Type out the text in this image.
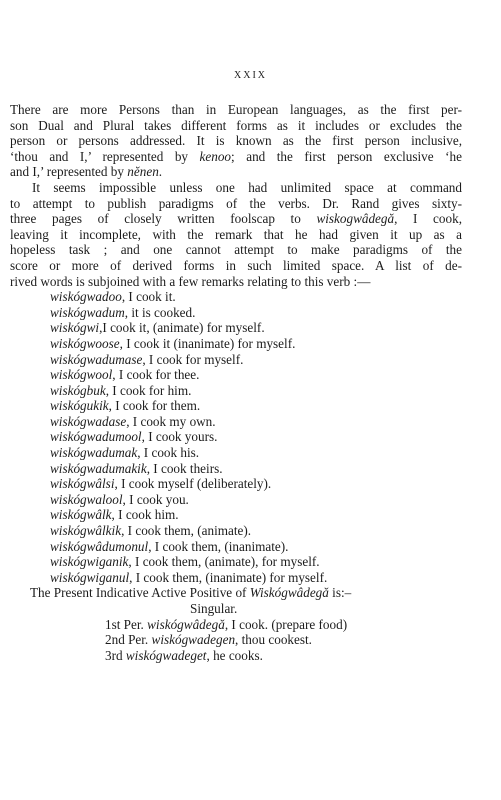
XXIX

There are more Persons than in European languages, as the first per-
son Dual and Plural takes different forms as it includes or excludes the
person or persons addressed. It is known as the first person inclusive,
‘thou and I,’ represented by kenoo; and the first person exclusive ‘he
and I,’ represented by nĕnen.

It seems impossible unless one had unlimited space at command
to attempt to publish paradigms of the verbs. Dr. Rand gives sixty-
three pages of closely written foolscap to wiskogwâdegă, I cook,
leaving it incomplete, with the remark that he had given it up as a
hopeless task ; and one cannot attempt to make paradigms of the
score or more of derived forms in such limited space. A list of de-
rived words is subjoined with a few remarks relating to this verb :—

wiskógwadoo, I cook it.
wiskógwadum, it is cooked.
wiskógwi,I cook it, (animate) for myself.
wiskógwoose, I cook it (inanimate) for myself.
wiskógwadumase, I cook for myself.
wiskógwool, I cook for thee.
wiskógbuk, I cook for him.
wiskógukik, I cook for them.
wiskógwadase, I cook my own.
wiskógwadumool, I cook yours.
wiskógwadumak, I cook his.
wiskógwadumakik, I cook theirs.
wiskógwâlsi, I cook myself (deliberately).
wiskógwalool, I cook you.
wiskógwâlk, I cook him.
wiskógwâlkik, I cook them, (animate).
wiskógwâdumonul, I cook them, (inanimate).
wiskógwiganik, I cook them, (animate), for myself.
wiskógwiganul, I cook them, (inanimate) for myself.

The Present Indicative Active Positive of Wiskógwâdegă is:–

Singular.

1st Per. wiskógwâdegă, I cook. (prepare food)
2nd Per. wiskógwadegen, thou cookest.
3rd wiskógwadeget, he cooks.
